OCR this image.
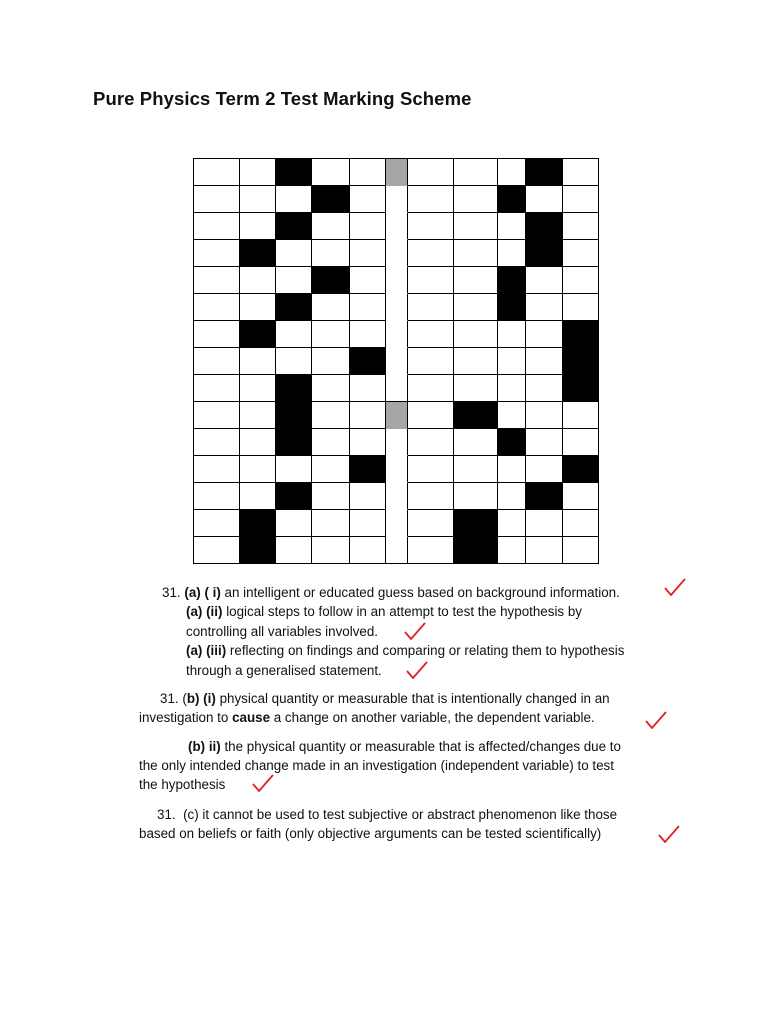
Pure Physics Term 2 Test Marking Scheme
31. (a) ( i) an intelligent or educated guess based on background information.
(a) (ii) logical steps to follow in an attempt to test the hypothesis by
controlling all variables involved.
(a) (iii) reflecting on findings and comparing or relating them to hypothesis
through a generalised statement.
31. (b) (i) physical quantity or measurable that is intentionally changed in an
investigation to cause a change on another variable, the dependent variable.
(b) ii) the physical quantity or measurable that is affected/changes due to
the only intended change made in an investigation (independent variable) to test
the hypothesis
31. (c) it cannot be used to test subjective or abstract phenomenon like those
based on beliefs or faith (only objective arguments can be tested scientifically)
